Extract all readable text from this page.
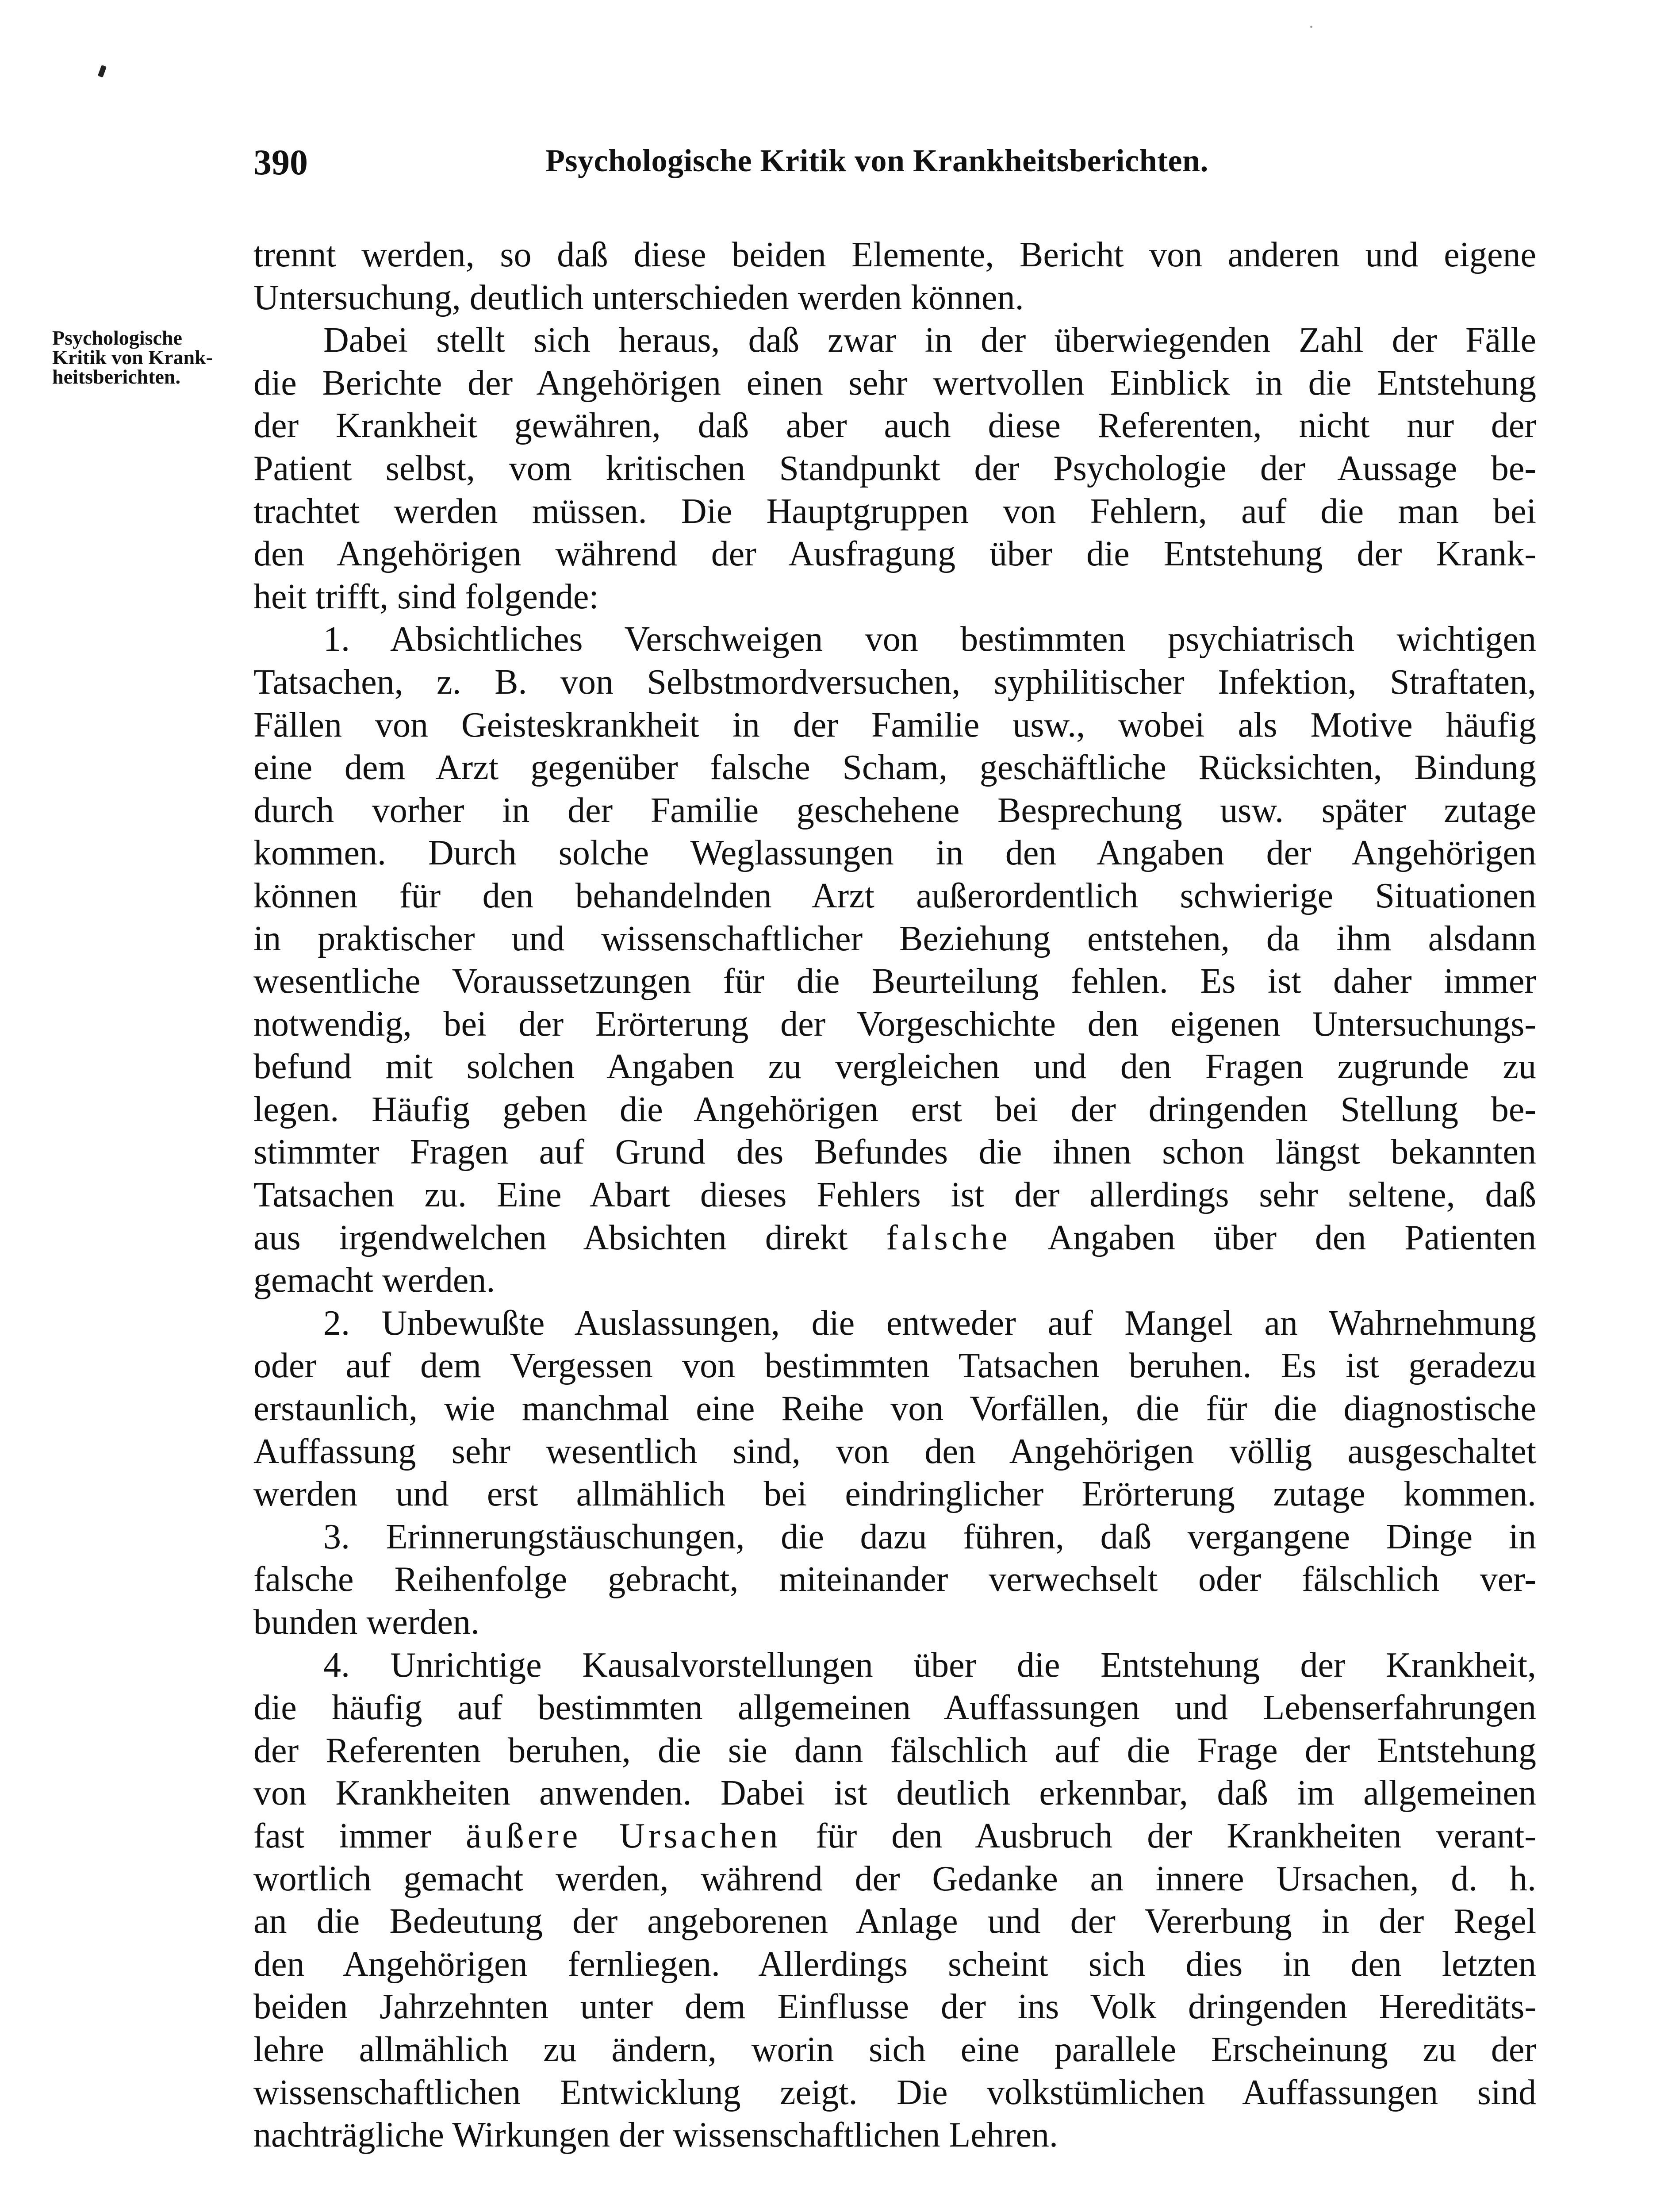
390	Psychologische Kritik von Krankheitsberichten.
Psychologische
Kritik von Krank-
heitsberichten.
trennt werden, so daß diese beiden Elemente, Bericht von anderen und eigene
Untersuchung, deutlich unterschieden werden können.
Dabei stellt sich heraus, daß zwar in der überwiegenden Zahl der Fälle
die Berichte der Angehörigen einen sehr wertvollen Einblick in die Entstehung
der Krankheit gewähren, daß aber auch diese Referenten, nicht nur der
Patient selbst, vom kritischen Standpunkt der Psychologie der Aussage be-
trachtet werden müssen. Die Hauptgruppen von Fehlern, auf die man bei
den Angehörigen während der Ausfragung über die Entstehung der Krank-
heit trifft, sind folgende:
1. Absichtliches Verschweigen von bestimmten psychiatrisch wichtigen
Tatsachen, z. B. von Selbstmordversuchen, syphilitischer Infektion, Straftaten,
Fällen von Geisteskrankheit in der Familie usw., wobei als Motive häufig
eine dem Arzt gegenüber falsche Scham, geschäftliche Rücksichten, Bindung
durch vorher in der Familie geschehene Besprechung usw. später zutage
kommen. Durch solche Weglassungen in den Angaben der Angehörigen
können für den behandelnden Arzt außerordentlich schwierige Situationen
in praktischer und wissenschaftlicher Beziehung entstehen, da ihm alsdann
wesentliche Voraussetzungen für die Beurteilung fehlen. Es ist daher immer
notwendig, bei der Erörterung der Vorgeschichte den eigenen Untersuchungs-
befund mit solchen Angaben zu vergleichen und den Fragen zugrunde zu
legen. Häufig geben die Angehörigen erst bei der dringenden Stellung be-
stimmter Fragen auf Grund des Befundes die ihnen schon längst bekannten
Tatsachen zu. Eine Abart dieses Fehlers ist der allerdings sehr seltene, daß
aus irgendwelchen Absichten direkt falsche Angaben über den Patienten
gemacht werden.
2. Unbewußte Auslassungen, die entweder auf Mangel an Wahrnehmung
oder auf dem Vergessen von bestimmten Tatsachen beruhen. Es ist geradezu
erstaunlich, wie manchmal eine Reihe von Vorfällen, die für die diagnostische
Auffassung sehr wesentlich sind, von den Angehörigen völlig ausgeschaltet
werden und erst allmählich bei eindringlicher Erörterung zutage kommen.
3. Erinnerungstäuschungen, die dazu führen, daß vergangene Dinge in
falsche Reihenfolge gebracht, miteinander verwechselt oder fälschlich ver-
bunden werden.
4. Unrichtige Kausalvorstellungen über die Entstehung der Krankheit,
die häufig auf bestimmten allgemeinen Auffassungen und Lebenserfahrungen
der Referenten beruhen, die sie dann fälschlich auf die Frage der Entstehung
von Krankheiten anwenden. Dabei ist deutlich erkennbar, daß im allgemeinen
fast immer äußere Ursachen für den Ausbruch der Krankheiten verant-
wortlich gemacht werden, während der Gedanke an innere Ursachen, d. h.
an die Bedeutung der angeborenen Anlage und der Vererbung in der Regel
den Angehörigen fernliegen. Allerdings scheint sich dies in den letzten
beiden Jahrzehnten unter dem Einflusse der ins Volk dringenden Hereditäts-
lehre allmählich zu ändern, worin sich eine parallele Erscheinung zu der
wissenschaftlichen Entwicklung zeigt. Die volkstümlichen Auffassungen sind
nachträgliche Wirkungen der wissenschaftlichen Lehren.
